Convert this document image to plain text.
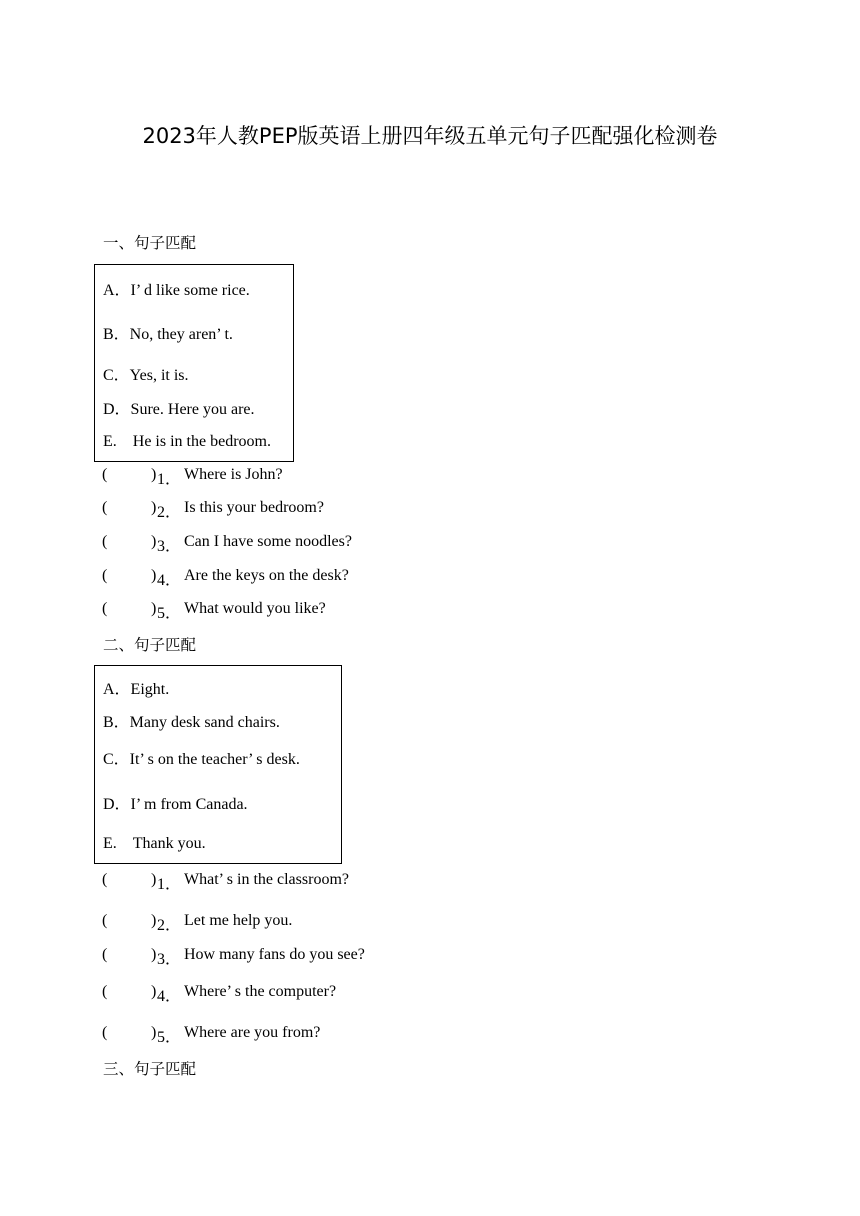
2023年人教PEP版英语上册四年级五单元句子匹配强化检测卷
一、句子匹配
A．I’ d like some rice.
B．No, they aren’ t.
C．Yes, it is.
D．Sure. Here you are.
E.　He is in the bedroom.
(	) 1． Where is John?
(	) 2． Is this your bedroom?
(	) 3． Can I have some noodles?
(	) 4． Are the keys on the desk?
(	) 5． What would you like?
二、句子匹配
A．Eight.
B．Many desk sand chairs.
C．It’ s on the teacher’ s desk.
D．I’ m from Canada.
E.　Thank you.
(	) 1． What’ s in the classroom?
(	) 2． Let me help you.
(	) 3． How many fans do you see?
(	) 4． Where’ s the computer?
(	) 5． Where are you from?
三、句子匹配
